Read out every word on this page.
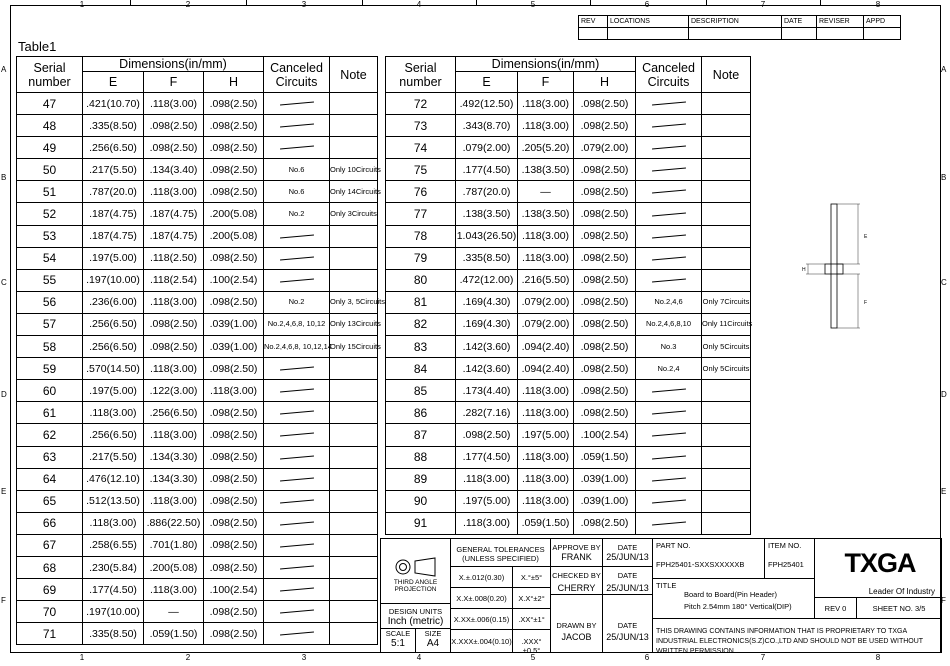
1	2	3	4	5	6	7	8
1	2	3	4	5	6	7	8
A
B
C
D
E
F
A
B
C
D
E
F
REV	LOCATIONS	DESCRIPTION	DATE	REVISER	APPD

Table1
Serial number	Dimensions(in/mm)			Canceled Circuits	Note
	E	F	H		
47	.421(10.70)	.118(3.00)	.098(2.50)		
48	.335(8.50)	.098(2.50)	.098(2.50)		
49	.256(6.50)	.098(2.50)	.098(2.50)		
50	.217(5.50)	.134(3.40)	.098(2.50)	No.6	Only 10Circuits
51	.787(20.0)	.118(3.00)	.098(2.50)	No.6	Only 14Circuits
52	.187(4.75)	.187(4.75)	.200(5.08)	No.2	Only 3Circuits
53	.187(4.75)	.187(4.75)	.200(5.08)		
54	.197(5.00)	.118(2.50)	.098(2.50)		
55	.197(10.00)	.118(2.54)	.100(2.54)		
56	.236(6.00)	.118(3.00)	.098(2.50)	No.2	Only 3, 5Circuits
57	.256(6.50)	.098(2.50)	.039(1.00)	No.2,4,6,8, 10,12	Only 13Circuits
58	.256(6.50)	.098(2.50)	.039(1.00)	No.2,4,6,8, 10,12,14	Only 15Circuits
59	.570(14.50)	.118(3.00)	.098(2.50)		
60	.197(5.00)	.122(3.00)	.118(3.00)		
61	.118(3.00)	.256(6.50)	.098(2.50)		
62	.256(6.50)	.118(3.00)	.098(2.50)		
63	.217(5.50)	.134(3.30)	.098(2.50)		
64	.476(12.10)	.134(3.30)	.098(2.50)		
65	.512(13.50)	.118(3.00)	.098(2.50)		
66	.118(3.00)	.886(22.50)	.098(2.50)		
67	.258(6.55)	.701(1.80)	.098(2.50)		
68	.230(5.84)	.200(5.08)	.098(2.50)		
69	.177(4.50)	.118(3.00)	.100(2.54)		
70	.197(10.00)	—	.098(2.50)		
71	.335(8.50)	.059(1.50)	.098(2.50)		
Serial number	Dimensions(in/mm)			Canceled Circuits	Note
	E	F	H		
72	.492(12.50)	.118(3.00)	.098(2.50)		
73	.343(8.70)	.118(3.00)	.098(2.50)		
74	.079(2.00)	.205(5.20)	.079(2.00)		
75	.177(4.50)	.138(3.50)	.098(2.50)		
76	.787(20.0)	—	.098(2.50)		
77	.138(3.50)	.138(3.50)	.098(2.50)		
78	1.043(26.50)	.118(3.00)	.098(2.50)		
79	.335(8.50)	.118(3.00)	.098(2.50)		
80	.472(12.00)	.216(5.50)	.098(2.50)		
81	.169(4.30)	.079(2.00)	.098(2.50)	No.2,4,6	Only 7Circuits
82	.169(4.30)	.079(2.00)	.098(2.50)	No.2,4,6,8,10	Only 11Circuits
83	.142(3.60)	.094(2.40)	.098(2.50)	No.3	Only 5Circuits
84	.142(3.60)	.094(2.40)	.098(2.50)	No.2,4	Only 5Circuits
85	.173(4.40)	.118(3.00)	.098(2.50)		
86	.282(7.16)	.118(3.00)	.098(2.50)		
87	.098(2.50)	.197(5.00)	.100(2.54)		
88	.177(4.50)	.118(3.00)	.059(1.50)		
89	.118(3.00)	.118(3.00)	.039(1.00)		
90	.197(5.00)	.118(3.00)	.039(1.00)		
91	.118(3.00)	.059(1.50)	.098(2.50)		
E
H
F
THIRD ANGLE PROJECTION
DESIGN UNITS
Inch (metric)
SCALE
5:1
SIZE
A4
GENERAL TOLERANCES (UNLESS SPECIFIED)
X.±.012(0.30)	X.°±5°
X.X±.008(0.20)	X.X°±2°
X.XX±.006(0.15)	.XX°±1°
X.XXX±.004(0.10)	.XXX°±0.5°
APPROVE BY
FRANK
DATE
25/JUN/13
CHECKED BY
CHERRY
DATE
25/JUN/13
DRAWN BY
JACOB
DATE
25/JUN/13
PART NO.
FPH25401-SXXSXXXXXB
ITEM NO.
FPH25401
TITLE
Board to Board(Pin Header)
Pitch 2.54mm 180° Vertical(DIP)
TXGA
Leader Of Industry
REV 0	SHEET NO. 3/5
THIS DRAWING CONTAINS INFORMATION THAT IS PROPRIETARY TO TXGA INDUSTRIAL ELECTRONICS(S.Z)CO.,LTD AND SHOULD NOT BE USED WITHOUT WRITTEN PERMISSION
